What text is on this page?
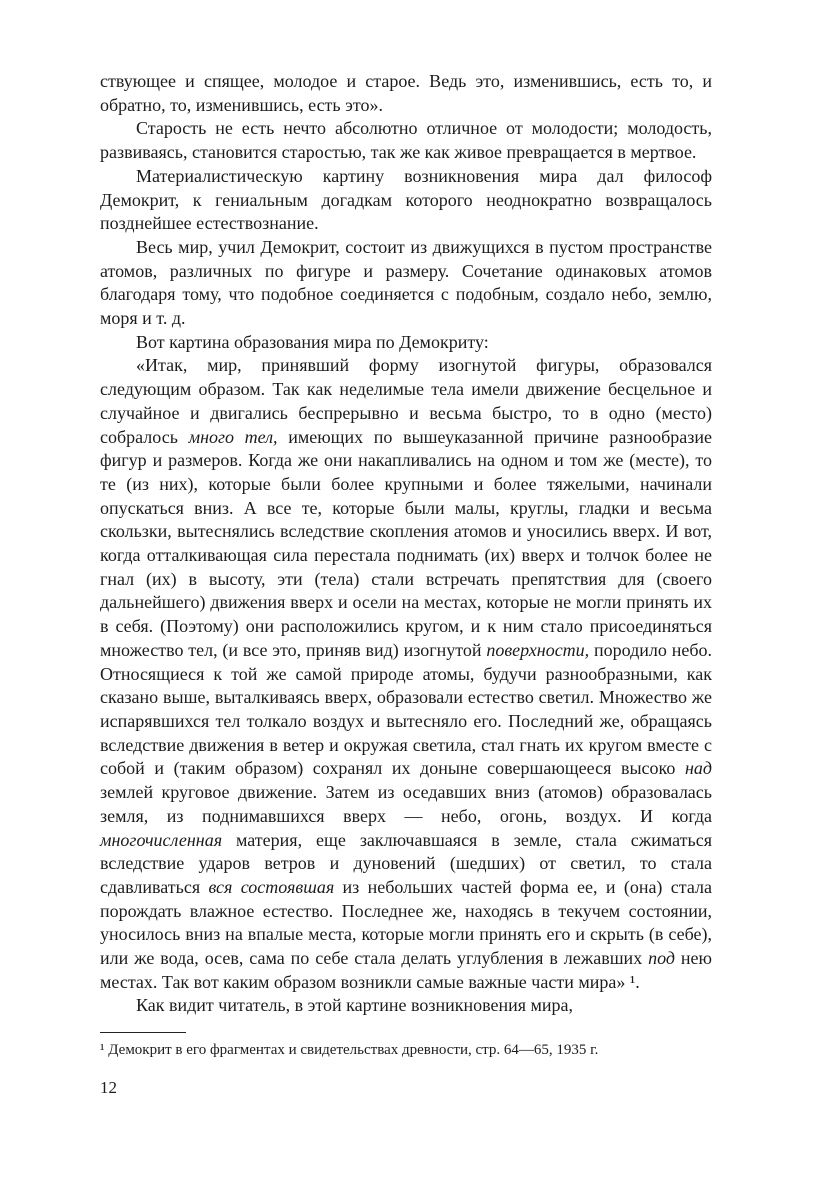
ствующее и спящее, молодое и старое. Ведь это, изменившись, есть то, и обратно, то, изменившись, есть это».

Старость не есть нечто абсолютно отличное от молодости; молодость, развиваясь, становится старостью, так же как живое превращается в мертвое.

Материалистическую картину возникновения мира дал философ Демокрит, к гениальным догадкам которого неоднократно возвращалось позднейшее естествознание.

Весь мир, учил Демокрит, состоит из движущихся в пустом пространстве атомов, различных по фигуре и размеру. Сочетание одинаковых атомов благодаря тому, что подобное соединяется с подобным, создало небо, землю, моря и т. д.

Вот картина образования мира по Демокриту:

«Итак, мир, принявший форму изогнутой фигуры, образовался следующим образом. Так как неделимые тела имели движение бесцельное и случайное и двигались беспрерывно и весьма быстро, то в одно (место) собралось много тел, имеющих по вышеуказанной причине разнообразие фигур и размеров. Когда же они накапливались на одном и том же (месте), то те (из них), которые были более крупными и более тяжелыми, начинали опускаться вниз. А все те, которые были малы, круглы, гладки и весьма скользки, вытеснялись вследствие скопления атомов и уносились вверх. И вот, когда отталкивающая сила перестала поднимать (их) вверх и толчок более не гнал (их) в высоту, эти (тела) стали встречать препятствия для (своего дальнейшего) движения вверх и осели на местах, которые не могли принять их в себя. (Поэтому) они расположились кругом, и к ним стало присоединяться множество тел, (и все это, приняв вид) изогнутой поверхности, породило небо. Относящиеся к той же самой природе атомы, будучи разнообразными, как сказано выше, выталкиваясь вверх, образовали естество светил. Множество же испарявшихся тел толкало воздух и вытесняло его. Последний же, обращаясь вследствие движения в ветер и окружая светила, стал гнать их кругом вместе с собой и (таким образом) сохранял их доныне совершающееся высоко над землей круговое движение. Затем из оседавших вниз (атомов) образовалась земля, из поднимавшихся вверх — небо, огонь, воздух. И когда многочисленная материя, еще заключавшаяся в земле, стала сжиматься вследствие ударов ветров и дуновений (шедших) от светил, то стала сдавливаться вся состоявшая из небольших частей форма ее, и (она) стала порождать влажное естество. Последнее же, находясь в текучем состоянии, уносилось вниз на впалые места, которые могли принять его и скрыть (в себе), или же вода, осев, сама по себе стала делать углубления в лежавших под нею местах. Так вот каким образом возникли самые важные части мира» ¹.

Как видит читатель, в этой картине возникновения мира,

¹ Демокрит в его фрагментах и свидетельствах древности, стр. 64—65, 1935 г.

12
